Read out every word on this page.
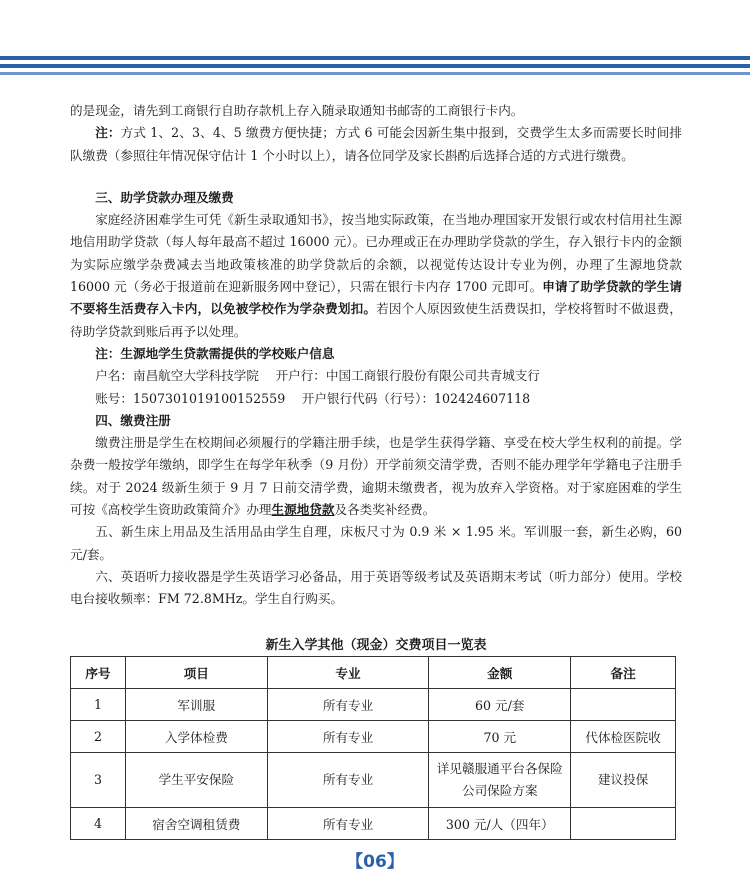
的是现金，请先到工商银行自助存款机上存入随录取通知书邮寄的工商银行卡内。

注：方式 1、2、3、4、5 缴费方便快捷；方式 6 可能会因新生集中报到，交费学生太多而需要长时间排队缴费（参照往年情况保守估计 1 个小时以上），请各位同学及家长斟酌后选择合适的方式进行缴费。

三、助学贷款办理及缴费

家庭经济困难学生可凭《新生录取通知书》，按当地实际政策，在当地办理国家开发银行或农村信用社生源地信用助学贷款（每人每年最高不超过 16000 元）。已办理或正在办理助学贷款的学生，存入银行卡内的金额为实际应缴学杂费减去当地政策核准的助学贷款后的余额，以视觉传达设计专业为例，办理了生源地贷款 16000 元（务必于报道前在迎新服务网中登记），只需在银行卡内存 1700 元即可。申请了助学贷款的学生请不要将生活费存入卡内，以免被学校作为学杂费划扣。若因个人原因致使生活费误扣，学校将暂时不做退费，待助学贷款到账后再予以处理。

注：生源地学生贷款需提供的学校账户信息

户名：南昌航空大学科技学院　 开户行：中国工商银行股份有限公司共青城支行

账号：1507301019100152559　 开户银行代码（行号）：102424607118

四、缴费注册

缴费注册是学生在校期间必须履行的学籍注册手续，也是学生获得学籍、享受在校大学生权利的前提。学杂费一般按学年缴纳，即学生在每学年秋季（9 月份）开学前须交清学费，否则不能办理学年学籍电子注册手续。对于 2024 级新生须于 9 月 7 日前交清学费，逾期未缴费者，视为放弃入学资格。对于家庭困难的学生可按《高校学生资助政策简介》办理生源地贷款及各类奖补经费。

五、新生床上用品及生活用品由学生自理，床板尺寸为 0.9 米 × 1.95 米。军训服一套，新生必购，60 元/套。

六、英语听力接收器是学生英语学习必备品，用于英语等级考试及英语期末考试（听力部分）使用。学校电台接收频率：FM 72.8MHz。学生自行购买。

新生入学其他（现金）交费项目一览表
序号	项目	专业	金额	备注
1	军训服	所有专业	60 元/套	
2	入学体检费	所有专业	70 元	代体检医院收
3	学生平安保险	所有专业	详见赣服通平台各保险公司保险方案	建议投保
4	宿舍空调租赁费	所有专业	300 元/人（四年）	
【06】
